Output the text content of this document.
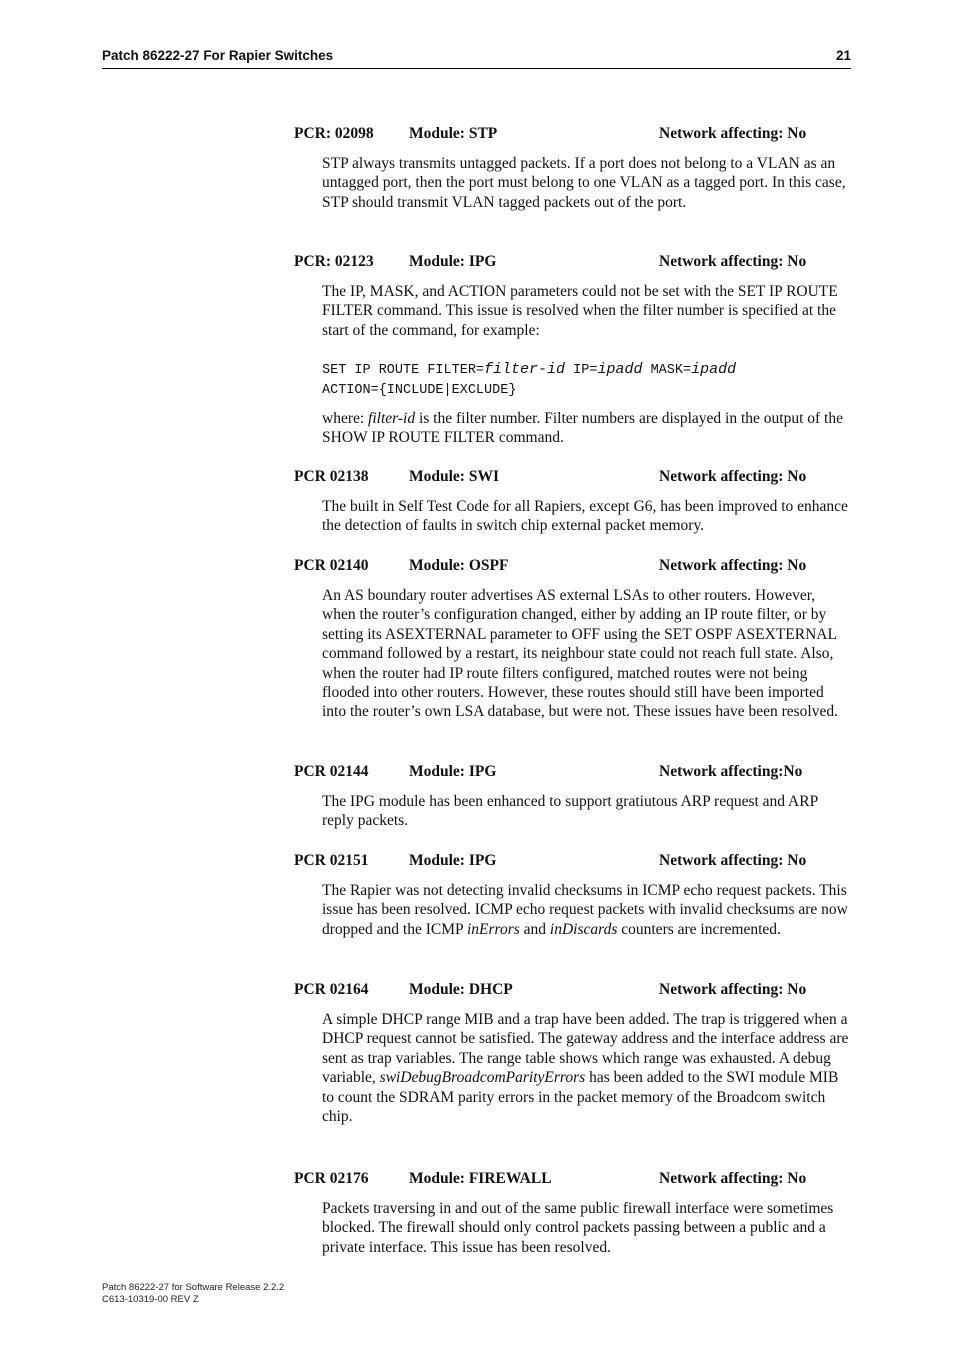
Patch 86222-27 For Rapier Switches	21
PCR: 02098 Module: STP	Network affecting: No

STP always transmits untagged packets. If a port does not belong to a VLAN as an untagged port, then the port must belong to one VLAN as a tagged port. In this case, STP should transmit VLAN tagged packets out of the port.

PCR: 02123 Module: IPG	Network affecting: No

The IP, MASK, and ACTION parameters could not be set with the SET IP ROUTE FILTER command. This issue is resolved when the filter number is specified at the start of the command, for example:

SET IP ROUTE FILTER=filter-id IP=ipadd MASK=ipadd
ACTION={INCLUDE|EXCLUDE}

where: filter-id is the filter number. Filter numbers are displayed in the output of the SHOW IP ROUTE FILTER command.

PCR 02138	Module: SWI	Network affecting: No

The built in Self Test Code for all Rapiers, except G6, has been improved to enhance the detection of faults in switch chip external packet memory.

PCR 02140	Module: OSPF	Network affecting: No

An AS boundary router advertises AS external LSAs to other routers. However, when the router’s configuration changed, either by adding an IP route filter, or by setting its ASEXTERNAL parameter to OFF using the SET OSPF ASEXTERNAL command followed by a restart, its neighbour state could not reach full state. Also, when the router had IP route filters configured, matched routes were not being flooded into other routers. However, these routes should still have been imported into the router’s own LSA database, but were not. These issues have been resolved.

PCR 02144	Module: IPG	Network affecting:No

The IPG module has been enhanced to support gratiutous ARP request and ARP reply packets.

PCR 02151	Module: IPG	Network affecting: No

The Rapier was not detecting invalid checksums in ICMP echo request packets. This issue has been resolved. ICMP echo request packets with invalid checksums are now dropped and the ICMP inErrors and inDiscards counters are incremented.

PCR 02164	Module: DHCP	Network affecting: No

A simple DHCP range MIB and a trap have been added. The trap is triggered when a DHCP request cannot be satisfied. The gateway address and the interface address are sent as trap variables. The range table shows which range was exhausted. A debug variable, swiDebugBroadcomParityErrors has been added to the SWI module MIB to count the SDRAM parity errors in the packet memory of the Broadcom switch chip.

PCR 02176	Module: FIREWALL	Network affecting: No

Packets traversing in and out of the same public firewall interface were sometimes blocked. The firewall should only control packets passing between a public and a private interface. This issue has been resolved.

Patch 86222-27 for Software Release 2.2.2
C613-10319-00 REV Z
